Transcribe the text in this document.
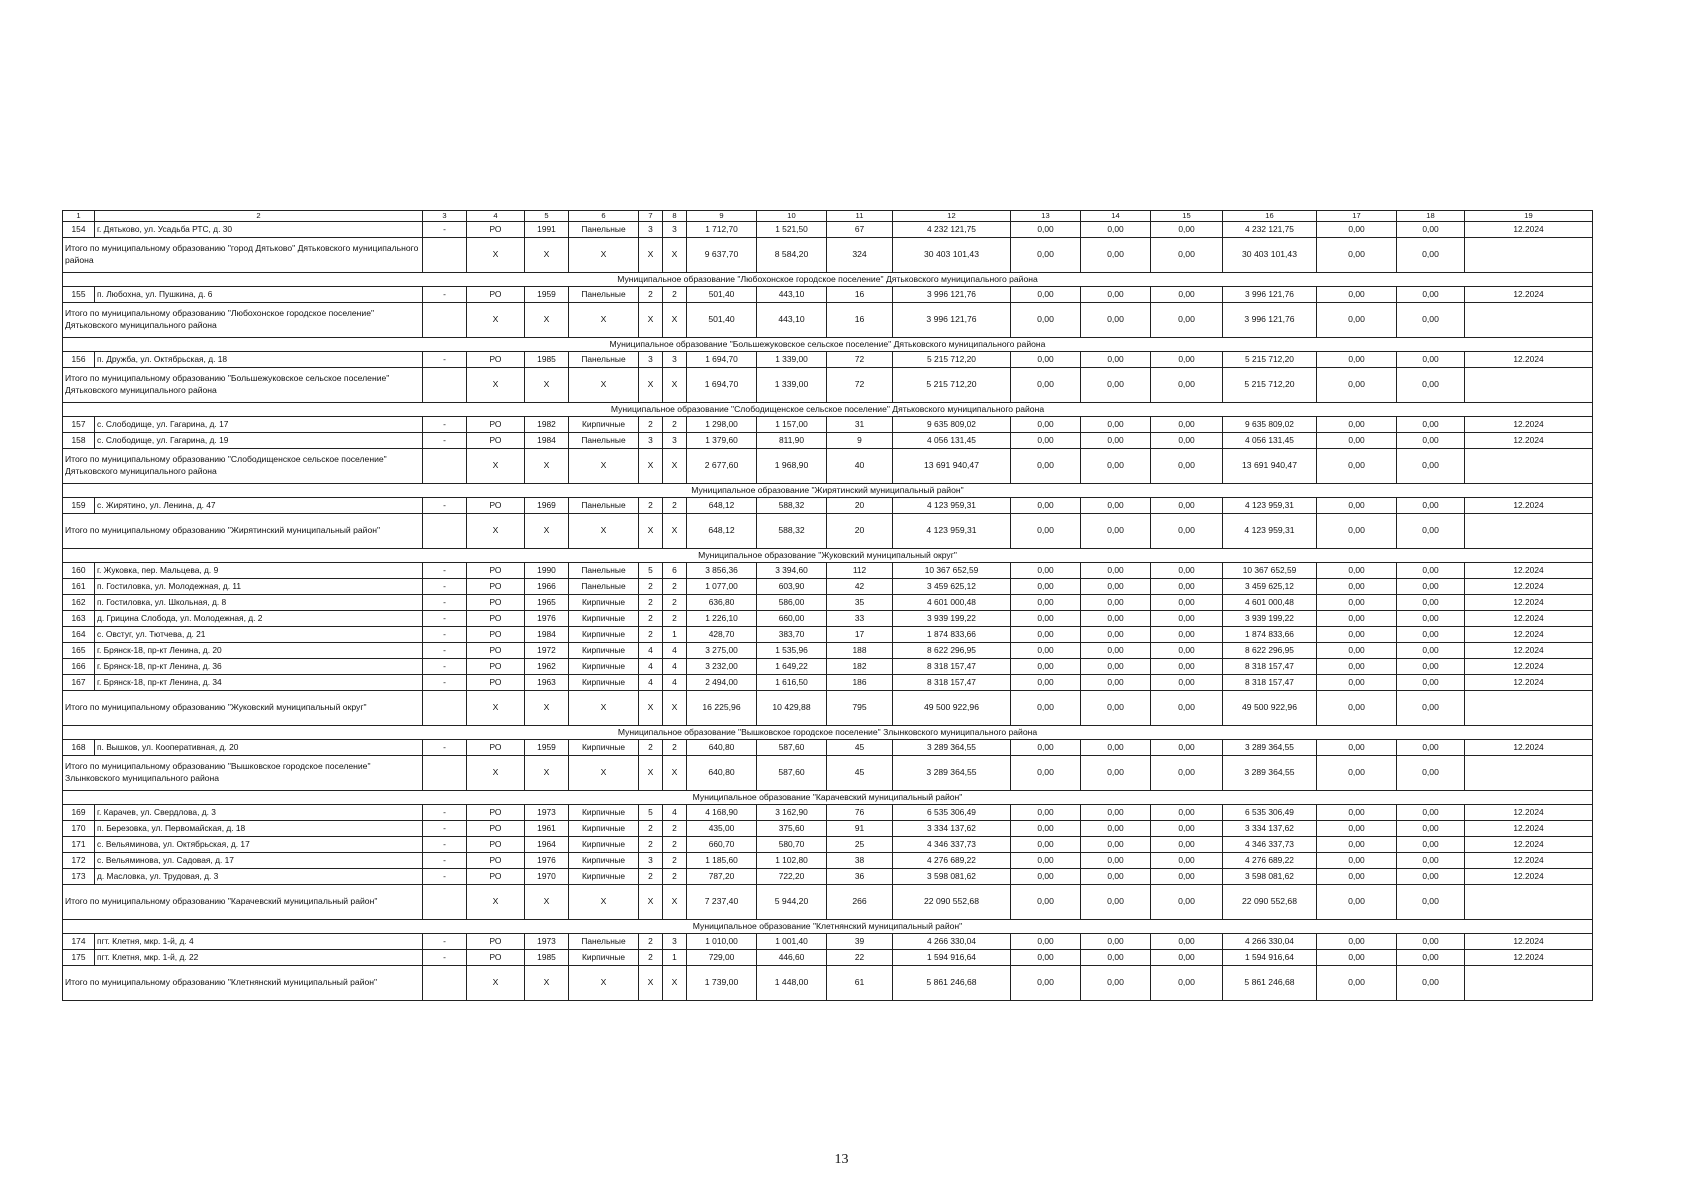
1	2	3	4	5	6	7	8	9	10	11	12	13	14	15	16	17	18	19
154	г. Дятьково, ул. Усадьба РТС, д. 30	-	РО	1991	Панельные	3	3	1 712,70	1 521,50	67	4 232 121,75	0,00	0,00	0,00	4 232 121,75	0,00	0,00	12.2024
Итого по муниципальному образованию "город Дятьково" Дятьковского муниципального района			X	X	X	X	X	9 637,70	8 584,20	324	30 403 101,43	0,00	0,00	0,00	30 403 101,43	0,00	0,00	
Муниципальное образование "Любохонское городское поселение" Дятьковского муниципального района																		
155	п. Любохна, ул. Пушкина, д. 6	-	РО	1959	Панельные	2	2	501,40	443,10	16	3 996 121,76	0,00	0,00	0,00	3 996 121,76	0,00	0,00	12.2024
Итого по муниципальному образованию "Любохонское городское поселение" Дятьковского муниципального района			X	X	X	X	X	501,40	443,10	16	3 996 121,76	0,00	0,00	0,00	3 996 121,76	0,00	0,00	
Муниципальное образование "Большежуковское сельское поселение" Дятьковского муниципального района																		
156	п. Дружба, ул. Октябрьская, д. 18	-	РО	1985	Панельные	3	3	1 694,70	1 339,00	72	5 215 712,20	0,00	0,00	0,00	5 215 712,20	0,00	0,00	12.2024
Итого по муниципальному образованию "Большежуковское сельское поселение" Дятьковского муниципального района			X	X	X	X	X	1 694,70	1 339,00	72	5 215 712,20	0,00	0,00	0,00	5 215 712,20	0,00	0,00	
Муниципальное образование "Слободищенское сельское поселение" Дятьковского муниципального района																		
157	с. Слободище, ул. Гагарина, д. 17	-	РО	1982	Кирпичные	2	2	1 298,00	1 157,00	31	9 635 809,02	0,00	0,00	0,00	9 635 809,02	0,00	0,00	12.2024
158	с. Слободище, ул. Гагарина, д. 19	-	РО	1984	Панельные	3	3	1 379,60	811,90	9	4 056 131,45	0,00	0,00	0,00	4 056 131,45	0,00	0,00	12.2024
Итого по муниципальному образованию "Слободищенское сельское поселение" Дятьковского муниципального района			X	X	X	X	X	2 677,60	1 968,90	40	13 691 940,47	0,00	0,00	0,00	13 691 940,47	0,00	0,00	
Муниципальное образование "Жирятинский муниципальный район"																		
159	с. Жирятино, ул. Ленина, д. 47	-	РО	1969	Панельные	2	2	648,12	588,32	20	4 123 959,31	0,00	0,00	0,00	4 123 959,31	0,00	0,00	12.2024
Итого по муниципальному образованию "Жирятинский муниципальный район"			X	X	X	X	X	648,12	588,32	20	4 123 959,31	0,00	0,00	0,00	4 123 959,31	0,00	0,00	
Муниципальное образование "Жуковский муниципальный округ"																		
160	г. Жуковка, пер. Мальцева, д. 9	-	РО	1990	Панельные	5	6	3 856,36	3 394,60	112	10 367 652,59	0,00	0,00	0,00	10 367 652,59	0,00	0,00	12.2024
161	п. Гостиловка, ул. Молодежная, д. 11	-	РО	1966	Панельные	2	2	1 077,00	603,90	42	3 459 625,12	0,00	0,00	0,00	3 459 625,12	0,00	0,00	12.2024
162	п. Гостиловка, ул. Школьная, д. 8	-	РО	1965	Кирпичные	2	2	636,80	586,00	35	4 601 000,48	0,00	0,00	0,00	4 601 000,48	0,00	0,00	12.2024
163	д. Грицина Слобода, ул. Молодежная, д. 2	-	РО	1976	Кирпичные	2	2	1 226,10	660,00	33	3 939 199,22	0,00	0,00	0,00	3 939 199,22	0,00	0,00	12.2024
164	с. Овстуг, ул. Тютчева, д. 21	-	РО	1984	Кирпичные	2	1	428,70	383,70	17	1 874 833,66	0,00	0,00	0,00	1 874 833,66	0,00	0,00	12.2024
165	г. Брянск-18, пр-кт Ленина, д. 20	-	РО	1972	Кирпичные	4	4	3 275,00	1 535,96	188	8 622 296,95	0,00	0,00	0,00	8 622 296,95	0,00	0,00	12.2024
166	г. Брянск-18, пр-кт Ленина, д. 36	-	РО	1962	Кирпичные	4	4	3 232,00	1 649,22	182	8 318 157,47	0,00	0,00	0,00	8 318 157,47	0,00	0,00	12.2024
167	г. Брянск-18, пр-кт Ленина, д. 34	-	РО	1963	Кирпичные	4	4	2 494,00	1 616,50	186	8 318 157,47	0,00	0,00	0,00	8 318 157,47	0,00	0,00	12.2024
Итого по муниципальному образованию "Жуковский муниципальный округ"			X	X	X	X	X	16 225,96	10 429,88	795	49 500 922,96	0,00	0,00	0,00	49 500 922,96	0,00	0,00	
Муниципальное образование "Вышковское городское поселение" Злынковского муниципального района																		
168	п. Вышков, ул. Кооперативная, д. 20	-	РО	1959	Кирпичные	2	2	640,80	587,60	45	3 289 364,55	0,00	0,00	0,00	3 289 364,55	0,00	0,00	12.2024
Итого по муниципальному образованию "Вышковское городское поселение" Злынковского муниципального района			X	X	X	X	X	640,80	587,60	45	3 289 364,55	0,00	0,00	0,00	3 289 364,55	0,00	0,00	
Муниципальное образование "Карачевский муниципальный район"																		
169	г. Карачев, ул. Свердлова, д. 3	-	РО	1973	Кирпичные	5	4	4 168,90	3 162,90	76	6 535 306,49	0,00	0,00	0,00	6 535 306,49	0,00	0,00	12.2024
170	п. Березовка, ул. Первомайская, д. 18	-	РО	1961	Кирпичные	2	2	435,00	375,60	91	3 334 137,62	0,00	0,00	0,00	3 334 137,62	0,00	0,00	12.2024
171	с. Вельяминова, ул. Октябрьская, д. 17	-	РО	1964	Кирпичные	2	2	660,70	580,70	25	4 346 337,73	0,00	0,00	0,00	4 346 337,73	0,00	0,00	12.2024
172	с. Вельяминова, ул. Садовая, д. 17	-	РО	1976	Кирпичные	3	2	1 185,60	1 102,80	38	4 276 689,22	0,00	0,00	0,00	4 276 689,22	0,00	0,00	12.2024
173	д. Масловка, ул. Трудовая, д. 3	-	РО	1970	Кирпичные	2	2	787,20	722,20	36	3 598 081,62	0,00	0,00	0,00	3 598 081,62	0,00	0,00	12.2024
Итого по муниципальному образованию "Карачевский муниципальный район"			X	X	X	X	X	7 237,40	5 944,20	266	22 090 552,68	0,00	0,00	0,00	22 090 552,68	0,00	0,00	
Муниципальное образование "Клетнянский муниципальный район"																		
174	пгт. Клетня, мкр. 1-й, д. 4	-	РО	1973	Панельные	2	3	1 010,00	1 001,40	39	4 266 330,04	0,00	0,00	0,00	4 266 330,04	0,00	0,00	12.2024
175	пгт. Клетня, мкр. 1-й, д. 22	-	РО	1985	Кирпичные	2	1	729,00	446,60	22	1 594 916,64	0,00	0,00	0,00	1 594 916,64	0,00	0,00	12.2024
Итого по муниципальному образованию "Клетнянский муниципальный район"			X	X	X	X	X	1 739,00	1 448,00	61	5 861 246,68	0,00	0,00	0,00	5 861 246,68	0,00	0,00	
13
